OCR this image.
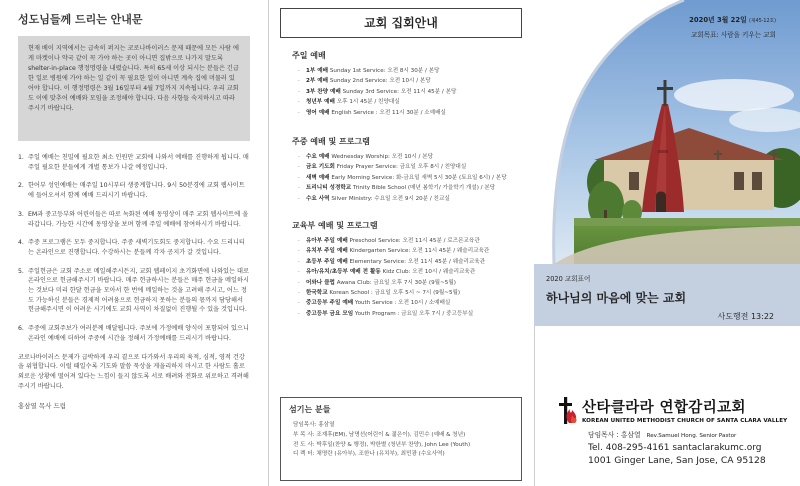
성도님들께 드리는 안내문

현재 베이 지역에서는 급속히 퍼지는 코로나바이러스 문제 때문에 모든 사람 에게 마켓이나 약국 같이 꼭 가야 하는 곳이 아니면 집밖으로 나가지 말도록 shelter-in-place 행정명령을 내렸습니다. 특히 65세 이상 되시는 분들은 긴급한 일로 병원에 가야 하는 일 같이 꼭 필요한 일이 아니면 계속 집에 머물러 있어야 합니다. 이 행정명령은 3월 16일부터 4월 7일까지 지속됩니다. 우리 교회도 이에 맞추어 예배와 모임을 조정해야 합니다. 다음 사항들 숙지하시고 따라 주시기 바랍니다.

1. 주일 예배는 친밀에 필요한 최소 인원만 교회에 나와서 예배를 진행하게 됩니다. 매 주일 필요한 분들에게 개별 통보가 나갈 예정입니다.
2. 한어부 성인예배는 매주일 10시부터 생중계합니다. 9시 50분경에 교회 웹사이트에 들어오셔서 함께 예배 드리시기 바랍니다.
3. EM과 중고등부와 어린이들은 따로 녹화된 예배 동영상이 매주 교회 웹사이트에 올라갑니다. 가능한 시간에 동영상을 보며 함께 주일 예배에 참여하시기 바랍니다.
4. 주중 프로그램은 모두 중지합니다. 주중 새벽기도회도 중지합니다. 수요 드리니티는 온라인으로 진행합니다. 수강하시는 분들께 각자 공지가 갈 것입니다.
5. 주일헌금은 교회 주소로 메일해주시든지, 교회 웹페이지 초기화면에 나와있는 대로 온라인으로 헌금해주시기 바랍니다. 매주 헌금하시는 분들은 매주 헌금을 메일하시는 것보다 미리 한달 헌금을 모아서 한 번에 메일하는 것을 고려해 주시고, 어느 정도 가능하신 분들은 경제적 어려움으로 헌금하지 못하는 분들의 몫까지 담당해서 헌금해주시면 이 어려운 시기에도 교회 사역이 차질없이 진행될 수 있을 것입니다.
6. 주중에 교회주보가 여러분께 배달됩니다. 주보에 가정예배 양식이 포함되어 있으니 온라인 예배에 더하여 주중에 시간을 정해서 가정예배를 드리시기 바랍니다.

코로나바이러스 문제가 급박하게 우리 곁으로 다가와서 우리의 육적, 심적, 영적 건강을 위협합니다. 이럴 때일수록 기도와 말씀 묵상을 게을리하지 마시고 한 사람도 홀로 외로운 상황에 떨어져 있다는 느낌이 들지 않도록 서로 배려와 전화로 위로하고 격려해주시기 바랍니다.

홍삼열 목사 드림

교회 집회안내
주일 예배
· 1부 예배 Sunday 1st Service: 오전 8시 30분 / 본당
· 2부 예배 Sunday 2nd Service: 오전 10시 / 본당
· 3부 찬양 예배 Sunday 3rd Service: 오전 11시 45분 / 본당
· 청년부 예배 오후 1시 45분 / 친양대실
· 영어 예배 English Service : 오전 11시 30분 / 소예배실
주중 예배 및 프로그램
· 수요 예배 Wednesday Worship: 오전 10시 / 본당
· 금요 기도회 Friday Prayer Service: 금요일 오후 8시 / 친양대실
· 새벽 예배 Early Morning Service: 화-금요일 새벽 5시 30분 (토요일 6시) / 본당
· 트리니티 성경학교 Trinity Bible School (매년 봄학기/ 가을학기 개설) / 본당
· 수요 사역 Silver Ministry: 수요일 오전 9시 20분 / 친교실
교육부 예배 및 프로그램
· 유아부 주일 예배 Preschool Service: 오전 11시 45분 / 로즈몬교육관
· 유치부 주일 예배 Kindergarten Service: 오전 11시 45분 / 웨슬리교육관
· 초등부 주일 예배 Elementary Service: 오전 11시 45분 / 웨슬리교육관
· 유아/유치/초등부 예배 전 활동 Kidz Club: 오전 10시 / 웨슬리교육관
· 어와나 클럽 Awana Club: 금요일 오후 7시 30분 (9월~5월)
· 한국학교 Korean School : 금요일 오후 5시 ~ 7시 (9월~5월)
· 중고등부 주일 예배 Youth Service : 오전 10시 / 소예배실
· 중고등부 금요 모임 Youth Program : 금요일 오후 7시 / 중고등부실
섬기는 분들
담임목사: 홍삼열
부 목 사: 조재후(EM), 남명선(어린이 & 젊은이), 김민수 (예배 & 청년)
전 도 사: 박후일(찬양 & 행정), 박한별 (청년부 찬양), John Lee (Youth)
디 렉 터: 채명란 (유아부), 조한나 (유치부), 최민광 (수요사역)
2020년 3월 22일 (제45-12호)
교회목표: 사람을 키우는 교회
2020 교회표어
하나님의 마음에 맞는 교회
사도행전 13:22
산타클라라 연합감리교회
KOREAN UNITED METHODIST CHURCH OF SANTA CLARA VALLEY
담임목사 : 홍삼열 Rev.Samuel Hong. Senior Pastor
Tel. 408-295-4161 santaclarakumc.org
1001 Ginger Lane, San Jose, CA 95128
